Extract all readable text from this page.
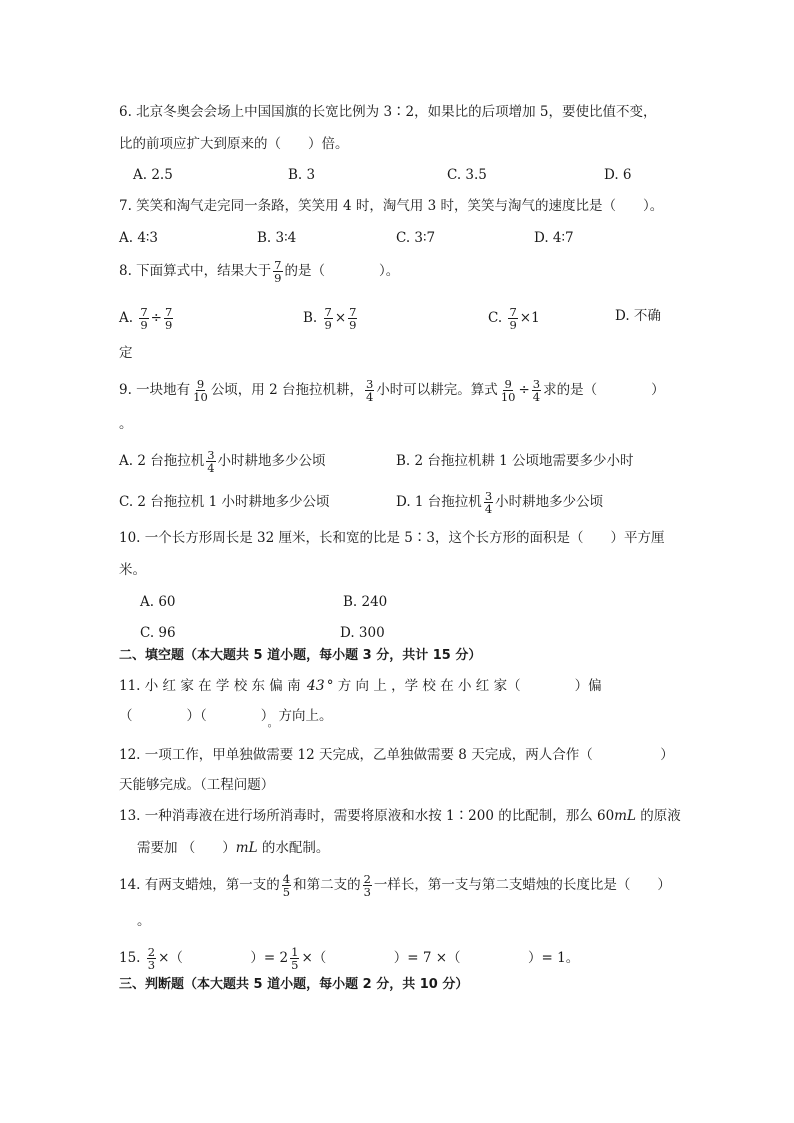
6. 北京冬奥会会场上中国国旗的长宽比例为 3∶2，如果比的后项增加 5，要使比值不变，
比的前项应扩大到原来的（　　）倍。
A. 2.5	B. 3	C. 3.5	D. 6
7. 笑笑和淘气走完同一条路，笑笑用 4 时，淘气用 3 时，笑笑与淘气的速度比是（　　）。
A. 4∶3	B. 3∶4	C. 3∶7	D. 4∶7
8. 下面算式中，结果大于 $\frac{7}{9}$ 的是（　　　　）。
A. $\frac{7}{9} \div \frac{7}{9}$	B. $\frac{7}{9} \times \frac{7}{9}$	C. $\frac{7}{9} \times 1$	D. 不确
定
9. 一块地有 $\frac{9}{10}$ 公顷，用 2 台拖拉机耕， $\frac{3}{4}$ 小时可以耕完。算式 $\frac{9}{10} \div \frac{3}{4}$ 求的是（　　　　）
。
A. 2 台拖拉机 $\frac{3}{4}$ 小时耕地多少公顷	B. 2 台拖拉机耕 1 公顷地需要多少小时
C. 2 台拖拉机 1 小时耕地多少公顷	D. 1 台拖拉机 $\frac{3}{4}$ 小时耕地多少公顷
10. 一个长方形周长是 32 厘米，长和宽的比是 5∶3，这个长方形的面积是（　　）平方厘
米。
A. 60	B. 240
C. 96	D. 300
二、填空题（本大题共 5 道小题，每小题 3 分，共计 15 分）
11. 小 红 家 在 学 校 东 偏 南 43 ° 方 向 上 ，学 校 在 小 红 家（　　　　）偏
（　　　　）（　　　　）$_。$方向上。
12. 一项工作，甲单独做需要 12 天完成，乙单独做需要 8 天完成，两人合作（　　　　　）
天能够完成。（工程问题）
13. 一种消毒液在进行场所消毒时，需要将原液和水按 1∶200 的比配制，那么 60mL 的原液
需要加 （　　）mL 的水配制。
14. 有两支蜡烛，第一支的 $\frac{4}{5}$ 和第二支的 $\frac{2}{3}$ 一样长，第一支与第二支蜡烛的长度比是（　　）
。
15. $\frac{2}{3}$ ×（　　　　　）= $2 \frac{1}{5}$ ×（　　　　　）= 7 ×（　　　　　）= 1。
三、判断题（本大题共 5 道小题，每小题 2 分，共 10 分）
